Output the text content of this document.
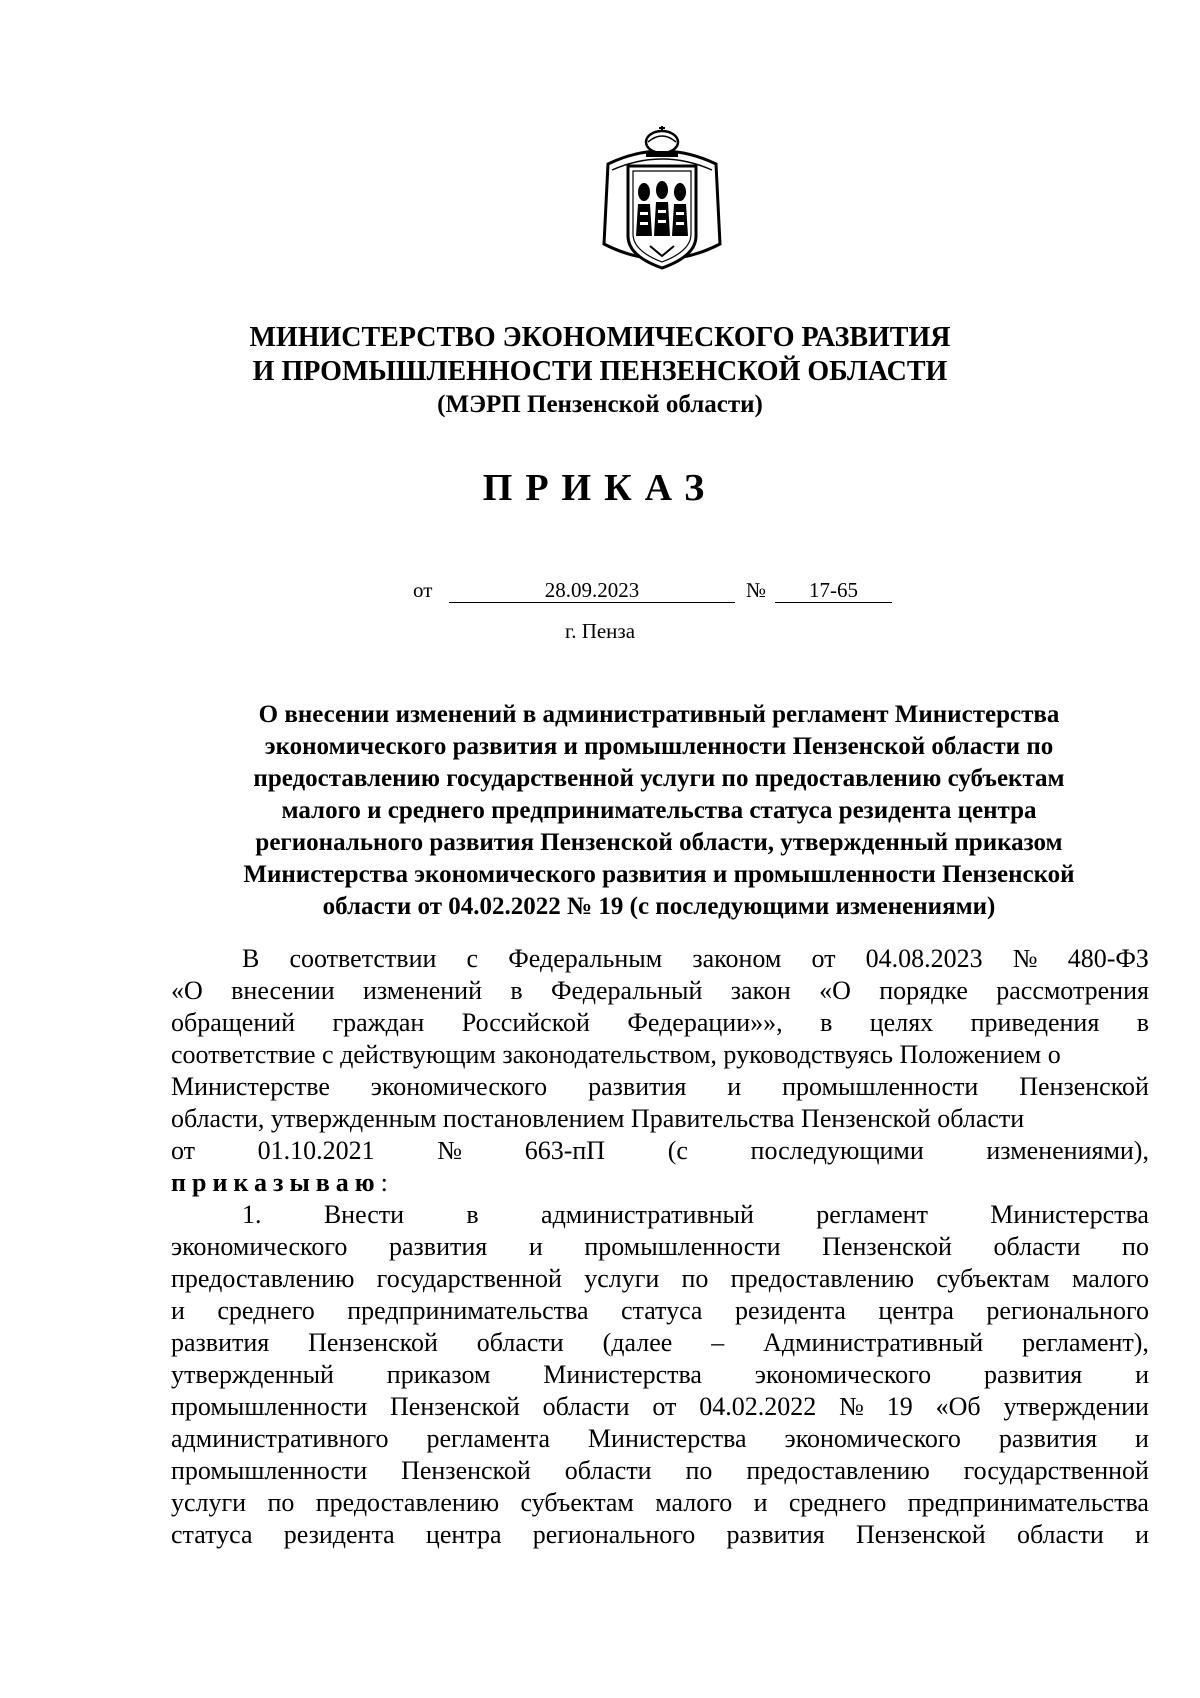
МИНИСТЕРСТВО ЭКОНОМИЧЕСКОГО РАЗВИТИЯ
И ПРОМЫШЛЕННОСТИ ПЕНЗЕНСКОЙ ОБЛАСТИ
(МЭРП Пензенской области)
ПРИКАЗ
от	28.09.2023	№	17-65
г. Пенза
О внесении изменений в административный регламент Министерства
экономического развития и промышленности Пензенской области по
предоставлению государственной услуги по предоставлению субъектам
малого и среднего предпринимательства статуса резидента центра
регионального развития Пензенской области, утвержденный приказом
Министерства экономического развития и промышленности Пензенской
области от 04.02.2022 № 19 (с последующими изменениями)
В соответствии с Федеральным законом от 04.08.2023 № 480-ФЗ
«О внесении изменений в Федеральный закон «О порядке рассмотрения
обращений граждан Российской Федерации»», в целях приведения в
соответствие с действующим законодательством, руководствуясь Положением о
Министерстве экономического развития и промышленности Пензенской
области, утвержденным постановлением Правительства Пензенской области
от 01.10.2021 № 663-пП (с последующими изменениями),
приказываю :
1. Внести в административный регламент Министерства
экономического развития и промышленности Пензенской области по
предоставлению государственной услуги по предоставлению субъектам малого
и среднего предпринимательства статуса резидента центра регионального
развития Пензенской области (далее – Административный регламент),
утвержденный приказом Министерства экономического развития и
промышленности Пензенской области от 04.02.2022 № 19 «Об утверждении
административного регламента Министерства экономического развития и
промышленности Пензенской области по предоставлению государственной
услуги по предоставлению субъектам малого и среднего предпринимательства
статуса резидента центра регионального развития Пензенской области и
